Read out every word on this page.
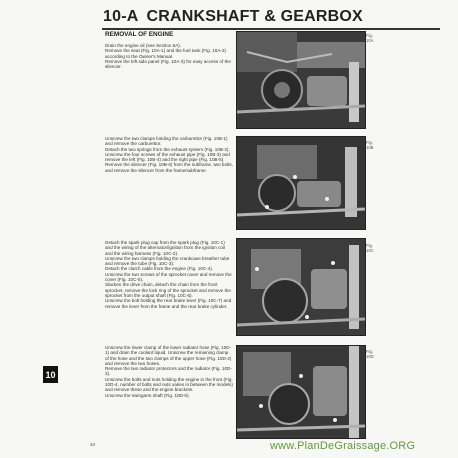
10-A CRANKSHAFT & GEARBOX
REMOVAL OF ENGINE

Drain the engine oil (see Section 6A).

Remove the seat (Fig. 10A-1) and the fuel tank (Fig. 10A-2) according to the Owner's Manual.

Remove the left side panel (Fig. 10A-3) for easy access of the silencer.

Unscrew the two clamps holding the carburettor (Fig. 10B-1) and remove the carburettor.

Detach the two springs from the exhaust system (Fig. 10B-2).

Unscrew the four screws of the exhaust pipe (Fig. 10B-3) and remove the left (Fig. 10B-4) and the right pipe (Fig. 10B-5).

Remove the silencer (Fig. 10B-6) from the subframe, two bolts, and remove the silencer from the frame/subframe.

Detach the spark plug cap from the spark plug (Fig. 10C-1) and the wiring of the alternator/ignition from the ignition coil and the wiring harness (Fig. 10C-2).

Unscrew the two clamps holding the crankcase breather tube and remove the tube (Fig. 10C-3).

Detach the clutch cable from the engine (Fig. 10C-4).

Unscrew the two screws of the sprocket cover and remove the cover (Fig. 10C-5).

Slacken the drive chain, detach the chain from the front sprocket, remove the lock ring of the sprocket and remove the sprocket from the output shaft (Fig. 10C-6).

Unscrew the bolt holding the rear brake lever (Fig. 10C-7) and remove the lever from the frame and the rear brake cylinder.

Unscrew the lower clamp of the lower radiator hose (Fig. 10D-1) and drain the coolant liquid. Unscrew the remaining clamp of the hose and the two clamps of the upper hose (Fig. 10D-2) and remove the two hoses.

Remove the two radiator protectors and the radiator (Fig. 10D-3).

Unscrew the bolts and nuts holding the engine in the front (Fig. 10D-4, number of bolts and nuts varies in between the models) and remove these and the engine brackets.

Unscrew the swingarm shaft (Fig. 10D-5).

Fig.
10A
Fig.
10B
Fig.
10C
Fig.
10D
10
34	www.PlanDeGraissage.ORG
